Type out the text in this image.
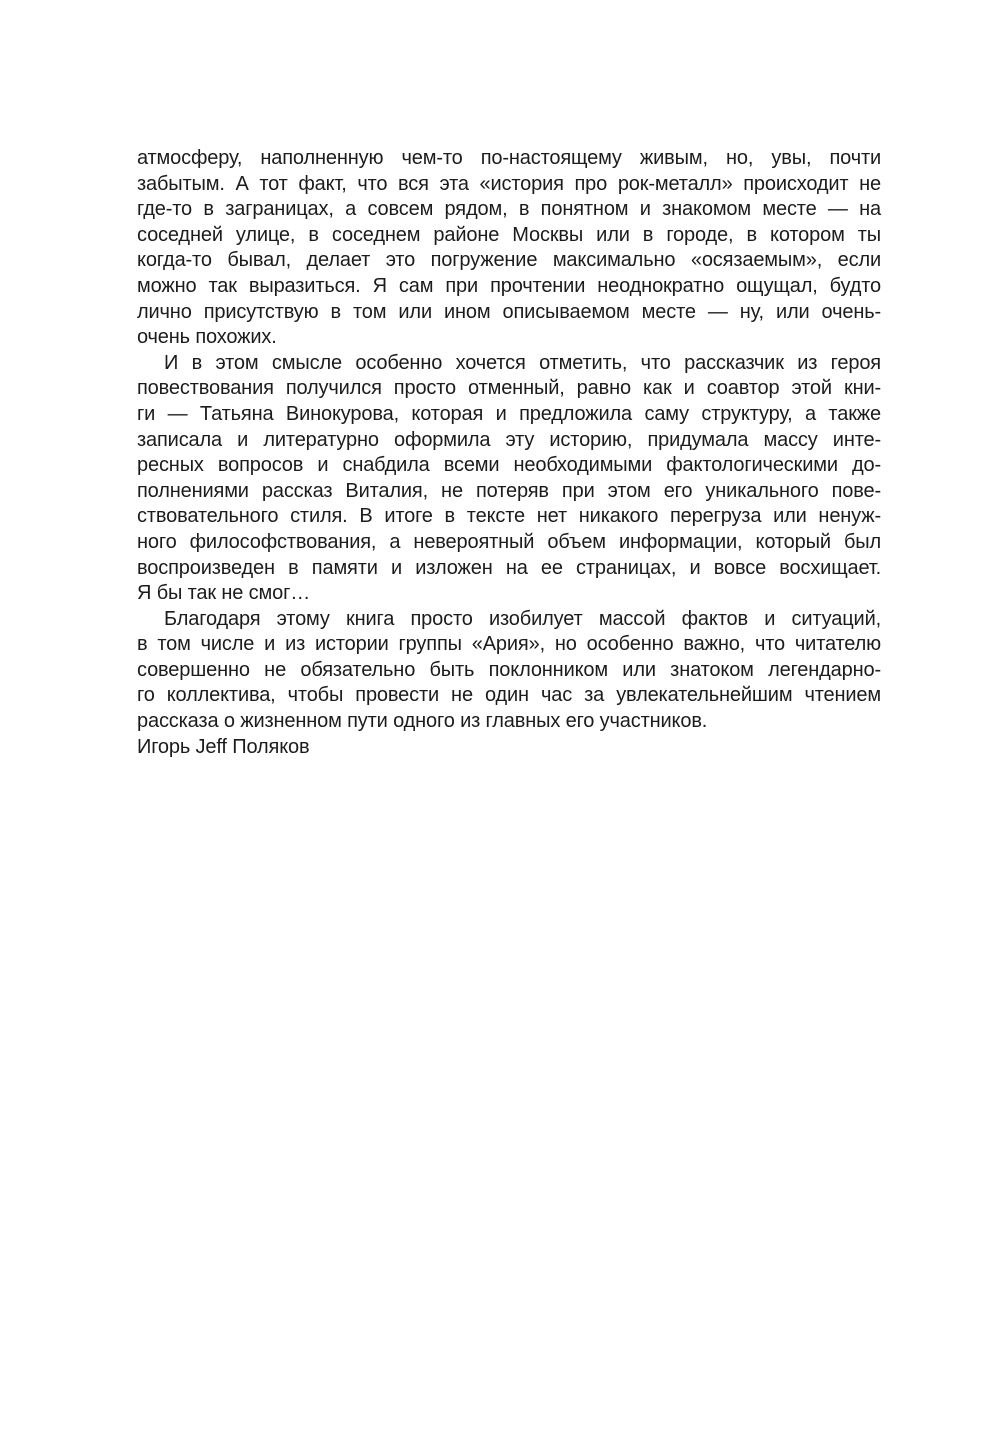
атмосферу, наполненную чем-то по-настоящему живым, но, увы, почти
забытым. А тот факт, что вся эта «история про рок-металл» происходит не
где-то в заграницах, а совсем рядом, в понятном и знакомом месте — на
соседней улице, в соседнем районе Москвы или в городе, в котором ты
когда-то бывал, делает это погружение максимально «осязаемым», если
можно так выразиться. Я сам при прочтении неоднократно ощущал, будто
лично присутствую в том или ином описываемом месте — ну, или очень-
очень похожих.
И в этом смысле особенно хочется отметить, что рассказчик из героя
повествования получился просто отменный, равно как и соавтор этой кни-
ги — Татьяна Винокурова, которая и предложила саму структуру, а также
записала и литературно оформила эту историю, придумала массу инте-
ресных вопросов и снабдила всеми необходимыми фактологическими до-
полнениями рассказ Виталия, не потеряв при этом его уникального пове-
ствовательного стиля. В итоге в тексте нет никакого перегруза или ненуж-
ного философствования, а невероятный объем информации, который был
воспроизведен в памяти и изложен на ее страницах, и вовсе восхищает.
Я бы так не смог…
Благодаря этому книга просто изобилует массой фактов и ситуаций,
в том числе и из истории группы «Ария», но особенно важно, что читателю
совершенно не обязательно быть поклонником или знатоком легендарно-
го коллектива, чтобы провести не один час за увлекательнейшим чтением
рассказа о жизненном пути одного из главных его участников.
Игорь Jeff Поляков
